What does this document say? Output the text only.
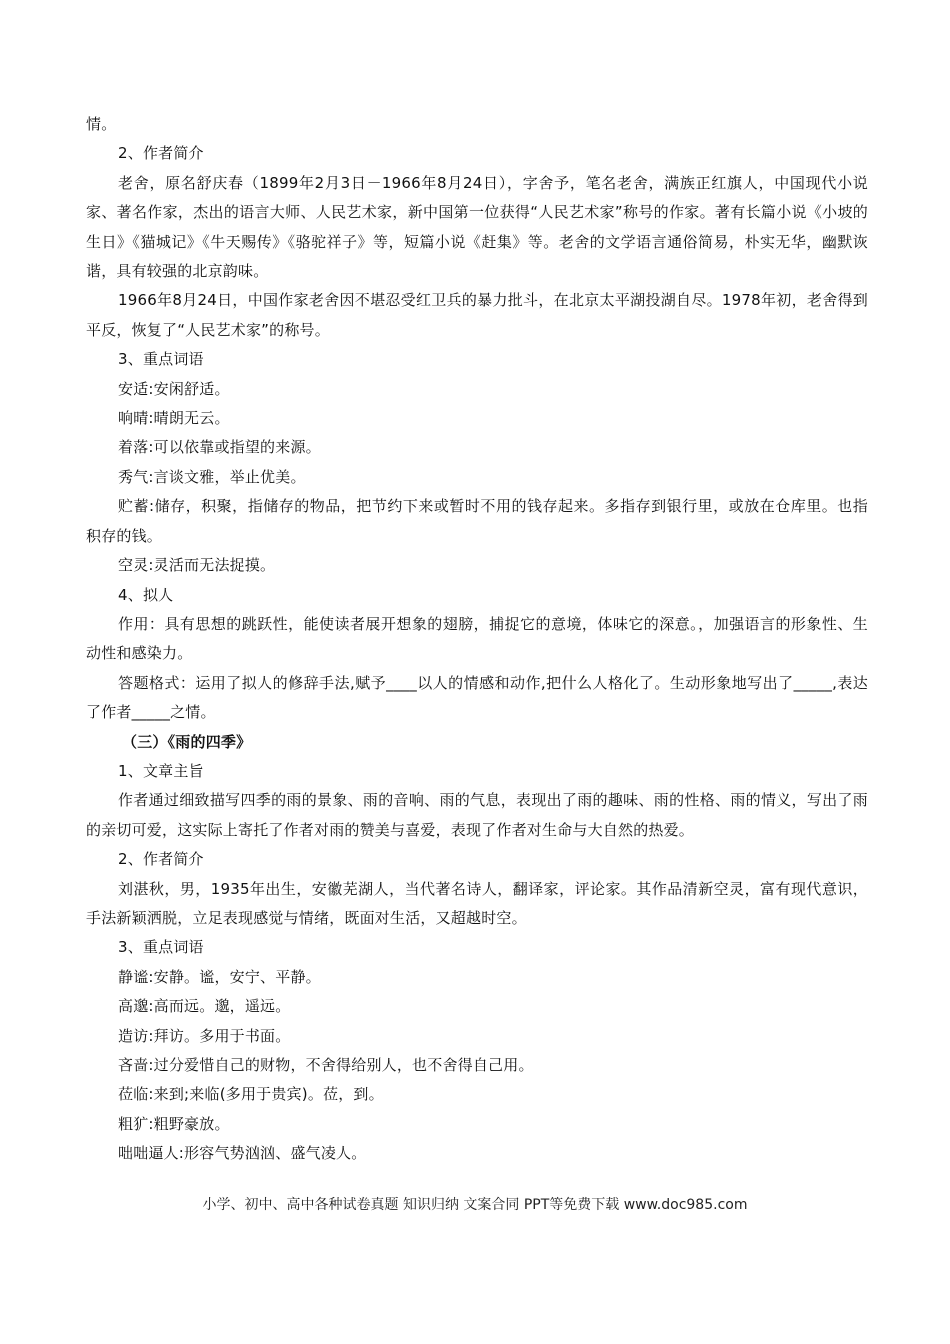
情。

2、作者简介

老舍，原名舒庆春（1899年2月3日－1966年8月24日），字舍予，笔名老舍，满族正红旗人，中国现代小说家、著名作家，杰出的语言大师、人民艺术家，新中国第一位获得“人民艺术家”称号的作家。著有长篇小说《小坡的生日》《猫城记》《牛天赐传》《骆驼祥子》等，短篇小说《赶集》等。老舍的文学语言通俗简易，朴实无华，幽默诙谐，具有较强的北京韵味。

1966年8月24日，中国作家老舍因不堪忍受红卫兵的暴力批斗，在北京太平湖投湖自尽。1978年初，老舍得到平反，恢复了“人民艺术家”的称号。

3、重点词语

安适:安闲舒适。

响晴:晴朗无云。

着落:可以依靠或指望的来源。

秀气:言谈文雅，举止优美。

贮蓄:储存，积聚，指储存的物品，把节约下来或暂时不用的钱存起来。多指存到银行里，或放在仓库里。也指积存的钱。

空灵:灵活而无法捉摸。

4、拟人

作用：具有思想的跳跃性，能使读者展开想象的翅膀，捕捉它的意境，体味它的深意。，加强语言的形象性、生动性和感染力。

答题格式：运用了拟人的修辞手法,赋予____以人的情感和动作,把什么人格化了。生动形象地写出了_____,表达了作者_____之情。

（三）《雨的四季》

1、文章主旨

作者通过细致描写四季的雨的景象、雨的音响、雨的气息，表现出了雨的趣味、雨的性格、雨的情义，写出了雨的亲切可爱，这实际上寄托了作者对雨的赞美与喜爱，表现了作者对生命与大自然的热爱。

2、作者简介

刘湛秋，男，1935年出生，安徽芜湖人，当代著名诗人，翻译家，评论家。其作品清新空灵，富有现代意识，手法新颖洒脱，立足表现感觉与情绪，既面对生活，又超越时空。

3、重点词语

静谧:安静。谧，安宁、平静。

高邈:高而远。邈，遥远。

造访:拜访。多用于书面。

吝啬:过分爱惜自己的财物，不舍得给别人，也不舍得自己用。

莅临:来到;来临(多用于贵宾)。莅，到。

粗犷:粗野豪放。

咄咄逼人:形容气势汹汹、盛气凌人。

小学、初中、高中各种试卷真题 知识归纳 文案合同 PPT等免费下载 www.doc985.com
